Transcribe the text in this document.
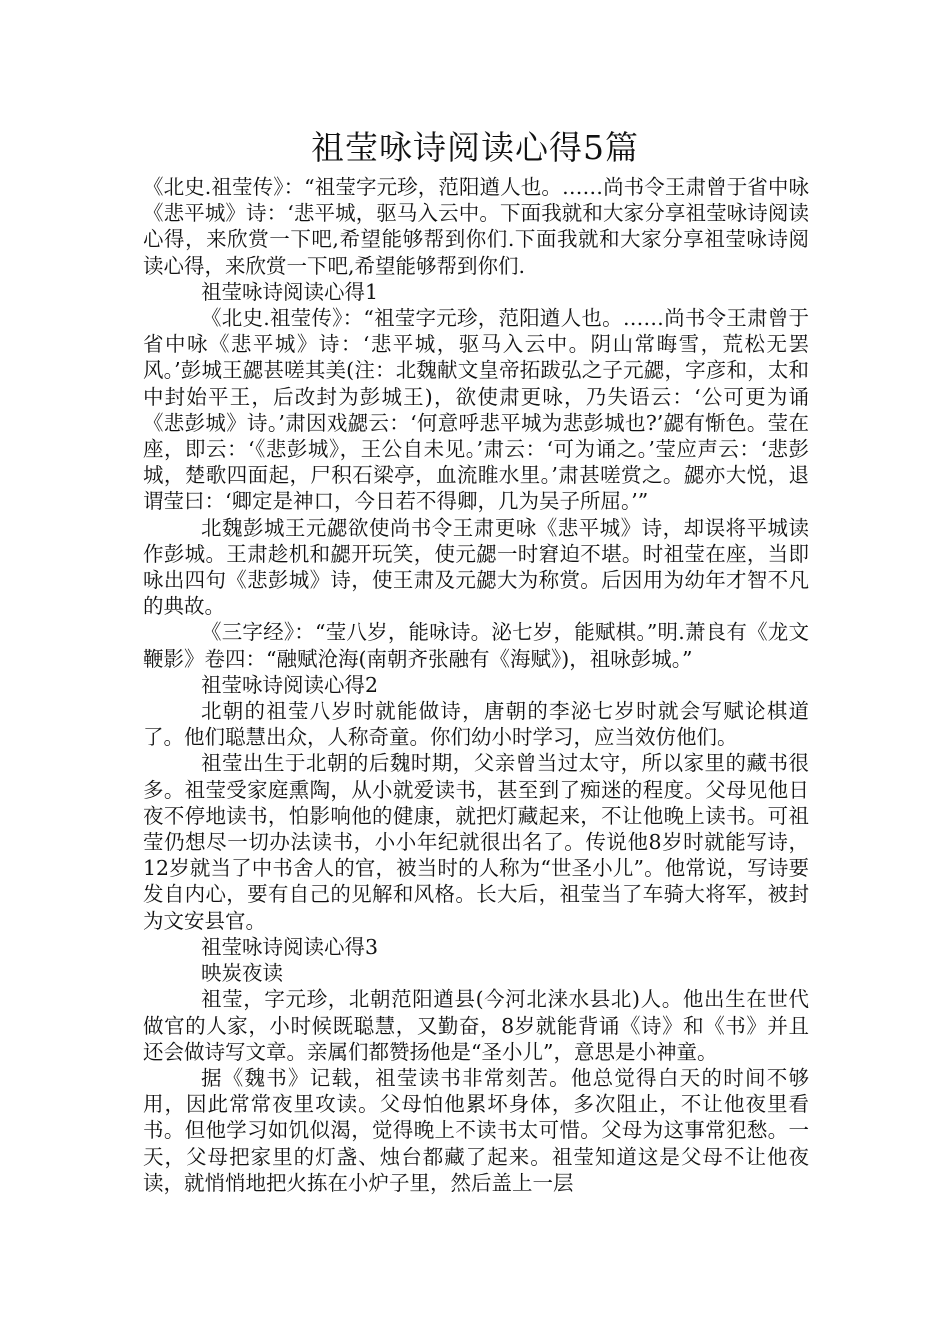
祖莹咏诗阅读心得5篇

《北史.祖莹传》：“祖莹字元珍，范阳遒人也。……尚书令王肃曾于省中咏《悲平城》诗：‘悲平城，驱马入云中。下面我就和大家分享祖莹咏诗阅读心得，来欣赏一下吧,希望能够帮到你们.下面我就和大家分享祖莹咏诗阅读心得，来欣赏一下吧,希望能够帮到你们.

祖莹咏诗阅读心得1

《北史.祖莹传》：“祖莹字元珍，范阳遒人也。……尚书令王肃曾于省中咏《悲平城》诗：‘悲平城，驱马入云中。阴山常晦雪，荒松无罢风。’彭城王勰甚嗟其美(注：北魏献文皇帝拓跋弘之子元勰，字彦和，太和中封始平王，后改封为彭城王)，欲使肃更咏，乃失语云：‘公可更为诵《悲彭城》诗。’肃因戏勰云：‘何意呼悲平城为悲彭城也?’勰有惭色。莹在座，即云：‘《悲彭城》，王公自未见。’肃云：‘可为诵之。’莹应声云：‘悲彭城，楚歌四面起，尸积石梁亭，血流睢水里。’肃甚嗟赏之。勰亦大悦，退谓莹曰：‘卿定是神口，今日若不得卿，几为吴子所屈。’”

北魏彭城王元勰欲使尚书令王肃更咏《悲平城》诗，却误将平城读作彭城。王肃趁机和勰开玩笑，使元勰一时窘迫不堪。时祖莹在座，当即咏出四句《悲彭城》诗，使王肃及元勰大为称赏。后因用为幼年才智不凡的典故。

《三字经》：“莹八岁，能咏诗。泌七岁，能赋棋。”明.萧良有《龙文鞭影》卷四：“融赋沧海(南朝齐张融有《海赋》)，祖咏彭城。”

祖莹咏诗阅读心得2

北朝的祖莹八岁时就能做诗，唐朝的李泌七岁时就会写赋论棋道了。他们聪慧出众，人称奇童。你们幼小时学习，应当效仿他们。

祖莹出生于北朝的后魏时期，父亲曾当过太守，所以家里的藏书很多。祖莹受家庭熏陶，从小就爱读书，甚至到了痴迷的程度。父母见他日夜不停地读书，怕影响他的健康，就把灯藏起来，不让他晚上读书。可祖莹仍想尽一切办法读书，小小年纪就很出名了。传说他8岁时就能写诗，12岁就当了中书舍人的官，被当时的人称为“世圣小儿”。他常说，写诗要发自内心，要有自己的见解和风格。长大后，祖莹当了车骑大将军，被封为文安县官。

祖莹咏诗阅读心得3

映炭夜读

祖莹，字元珍，北朝范阳遒县(今河北涞水县北)人。他出生在世代做官的人家，小时候既聪慧，又勤奋，8岁就能背诵《诗》和《书》并且还会做诗写文章。亲属们都赞扬他是“圣小儿”，意思是小神童。

据《魏书》记载，祖莹读书非常刻苦。他总觉得白天的时间不够用，因此常常夜里攻读。父母怕他累坏身体，多次阻止，不让他夜里看书。但他学习如饥似渴，觉得晚上不读书太可惜。父母为这事常犯愁。一天，父母把家里的灯盏、烛台都藏了起来。祖莹知道这是父母不让他夜读，就悄悄地把火拣在小炉子里，然后盖上一层
